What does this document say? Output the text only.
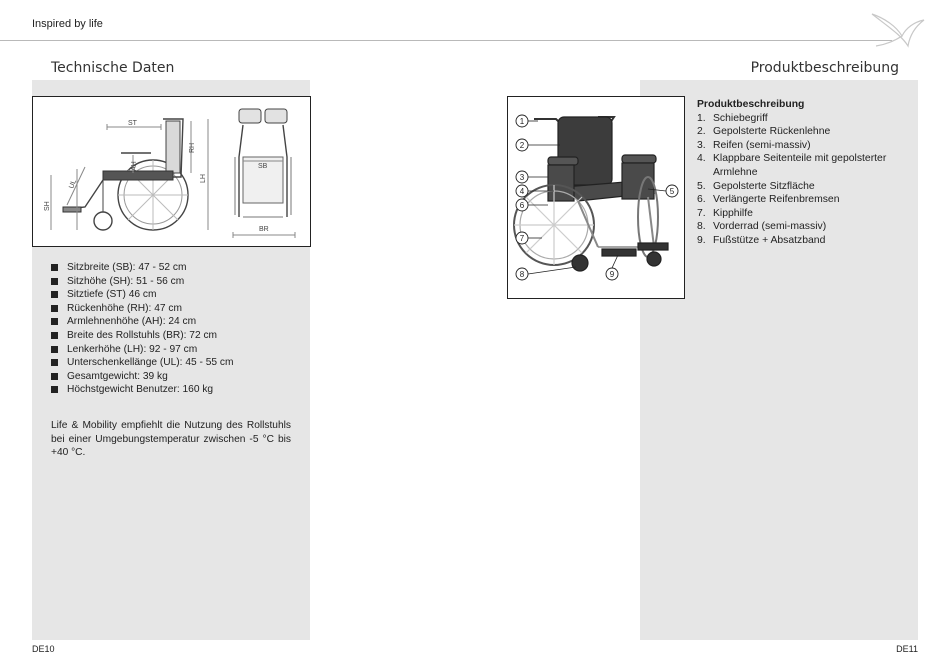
Inspired by life
Technische Daten
ST
RH
AH
LH
UL
SH
SB
BR
Sitzbreite (SB): 47 - 52 cm
Sitzhöhe (SH): 51 - 56 cm
Sitztiefe (ST) 46 cm
Rückenhöhe (RH): 47 cm
Armlehnenhöhe (AH): 24 cm
Breite des Rollstuhls (BR): 72 cm
Lenkerhöhe (LH): 92 - 97 cm
Unterschenkellänge (UL): 45 - 55 cm
Gesamtgewicht: 39 kg
Höchstgewicht Benutzer: 160 kg

Life & Mobility empfiehlt die Nutzung des Rollstuhls bei einer Umgebungstemperatur zwischen -5 °C bis +40 °C.

DE10
Produktbeschreibung
1
2
3
4	5
6
7
8	9
Produktbeschreibung
1. Schiebegriff
2. Gepolsterte Rückenlehne
3. Reifen (semi-massiv)
4. Klappbare Seitenteile mit gepolsterter Armlehne
5. Gepolsterte Sitzfläche
6. Verlängerte Reifenbremsen
7. Kipphilfe
8. Vorderrad (semi-massiv)
9. Fußstütze + Absatzband
DE11
